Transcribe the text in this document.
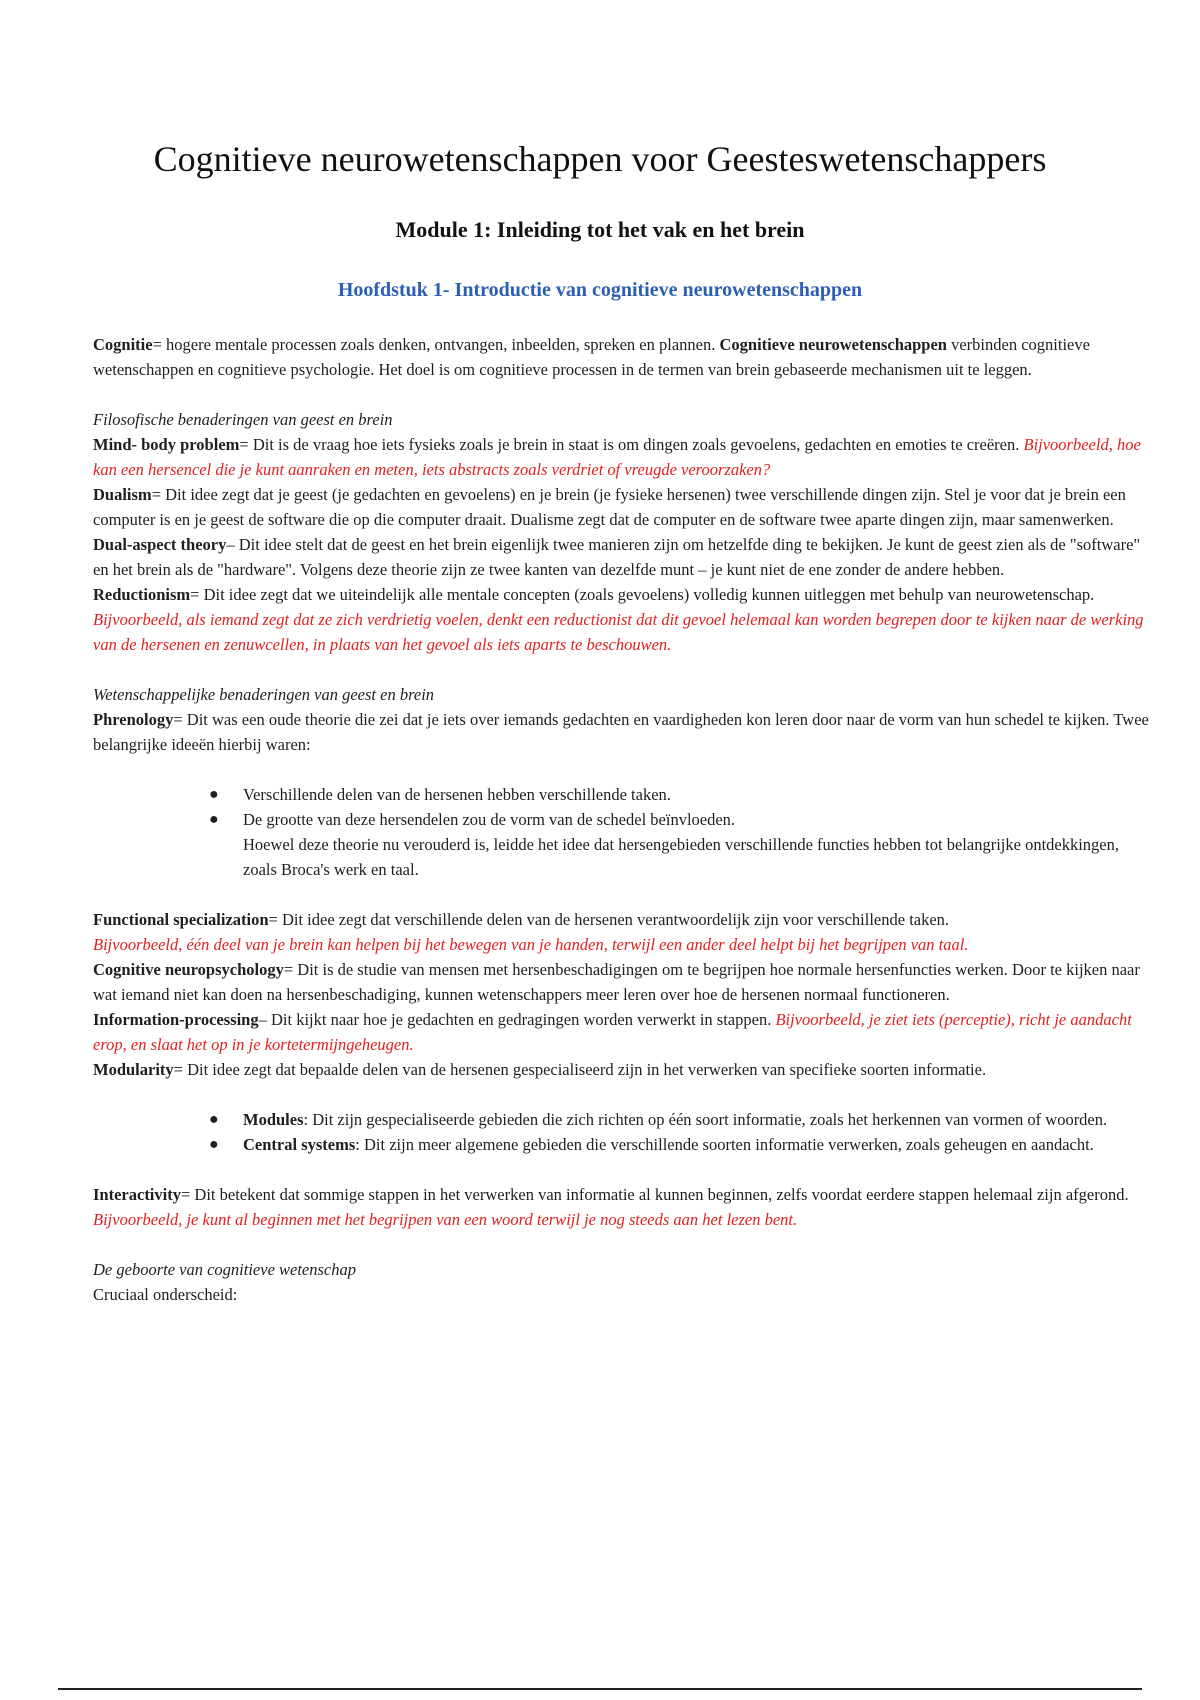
Cognitieve neurowetenschappen voor Geesteswetenschappers
Module 1: Inleiding tot het vak en het brein
Hoofdstuk 1- Introductie van cognitieve neurowetenschappen

Cognitie= hogere mentale processen zoals denken, ontvangen, inbeelden, spreken en plannen. Cognitieve neurowetenschappen verbinden cognitieve wetenschappen en cognitieve psychologie. Het doel is om cognitieve processen in de termen van brein gebaseerde mechanismen uit te leggen.

Filosofische benaderingen van geest en brein

Mind- body problem= Dit is de vraag hoe iets fysieks zoals je brein in staat is om dingen zoals gevoelens, gedachten en emoties te creëren. Bijvoorbeeld, hoe kan een hersencel die je kunt aanraken en meten, iets abstracts zoals verdriet of vreugde veroorzaken?

Dualism= Dit idee zegt dat je geest (je gedachten en gevoelens) en je brein (je fysieke hersenen) twee verschillende dingen zijn. Stel je voor dat je brein een computer is en je geest de software die op die computer draait. Dualisme zegt dat de computer en de software twee aparte dingen zijn, maar samenwerken.

Dual-aspect theory– Dit idee stelt dat de geest en het brein eigenlijk twee manieren zijn om hetzelfde ding te bekijken. Je kunt de geest zien als de "software" en het brein als de "hardware". Volgens deze theorie zijn ze twee kanten van dezelfde munt – je kunt niet de ene zonder de andere hebben.

Reductionism= Dit idee zegt dat we uiteindelijk alle mentale concepten (zoals gevoelens) volledig kunnen uitleggen met behulp van neurowetenschap. Bijvoorbeeld, als iemand zegt dat ze zich verdrietig voelen, denkt een reductionist dat dit gevoel helemaal kan worden begrepen door te kijken naar de werking van de hersenen en zenuwcellen, in plaats van het gevoel als iets aparts te beschouwen.

Wetenschappelijke benaderingen van geest en brein

Phrenology= Dit was een oude theorie die zei dat je iets over iemands gedachten en vaardigheden kon leren door naar de vorm van hun schedel te kijken. Twee belangrijke ideeën hierbij waren:

● Verschillende delen van de hersenen hebben verschillende taken.
● De grootte van deze hersendelen zou de vorm van de schedel beïnvloeden.

Hoewel deze theorie nu verouderd is, leidde het idee dat hersengebieden verschillende functies hebben tot belangrijke ontdekkingen, zoals Broca's werk en taal.

Functional specialization= Dit idee zegt dat verschillende delen van de hersenen verantwoordelijk zijn voor verschillende taken.
Bijvoorbeeld, één deel van je brein kan helpen bij het bewegen van je handen, terwijl een ander deel helpt bij het begrijpen van taal.

Cognitive neuropsychology= Dit is de studie van mensen met hersenbeschadigingen om te begrijpen hoe normale hersenfuncties werken. Door te kijken naar wat iemand niet kan doen na hersenbeschadiging, kunnen wetenschappers meer leren over hoe de hersenen normaal functioneren.

Information-processing– Dit kijkt naar hoe je gedachten en gedragingen worden verwerkt in stappen. Bijvoorbeeld, je ziet iets (perceptie), richt je aandacht erop, en slaat het op in je kortetermijngeheugen.

Modularity= Dit idee zegt dat bepaalde delen van de hersenen gespecialiseerd zijn in het verwerken van specifieke soorten informatie.

● Modules: Dit zijn gespecialiseerde gebieden die zich richten op één soort informatie, zoals het herkennen van vormen of woorden.
● Central systems: Dit zijn meer algemene gebieden die verschillende soorten informatie verwerken, zoals geheugen en aandacht.

Interactivity= Dit betekent dat sommige stappen in het verwerken van informatie al kunnen beginnen, zelfs voordat eerdere stappen helemaal zijn afgerond. Bijvoorbeeld, je kunt al beginnen met het begrijpen van een woord terwijl je nog steeds aan het lezen bent.

De geboorte van cognitieve wetenschap

Cruciaal onderscheid:
